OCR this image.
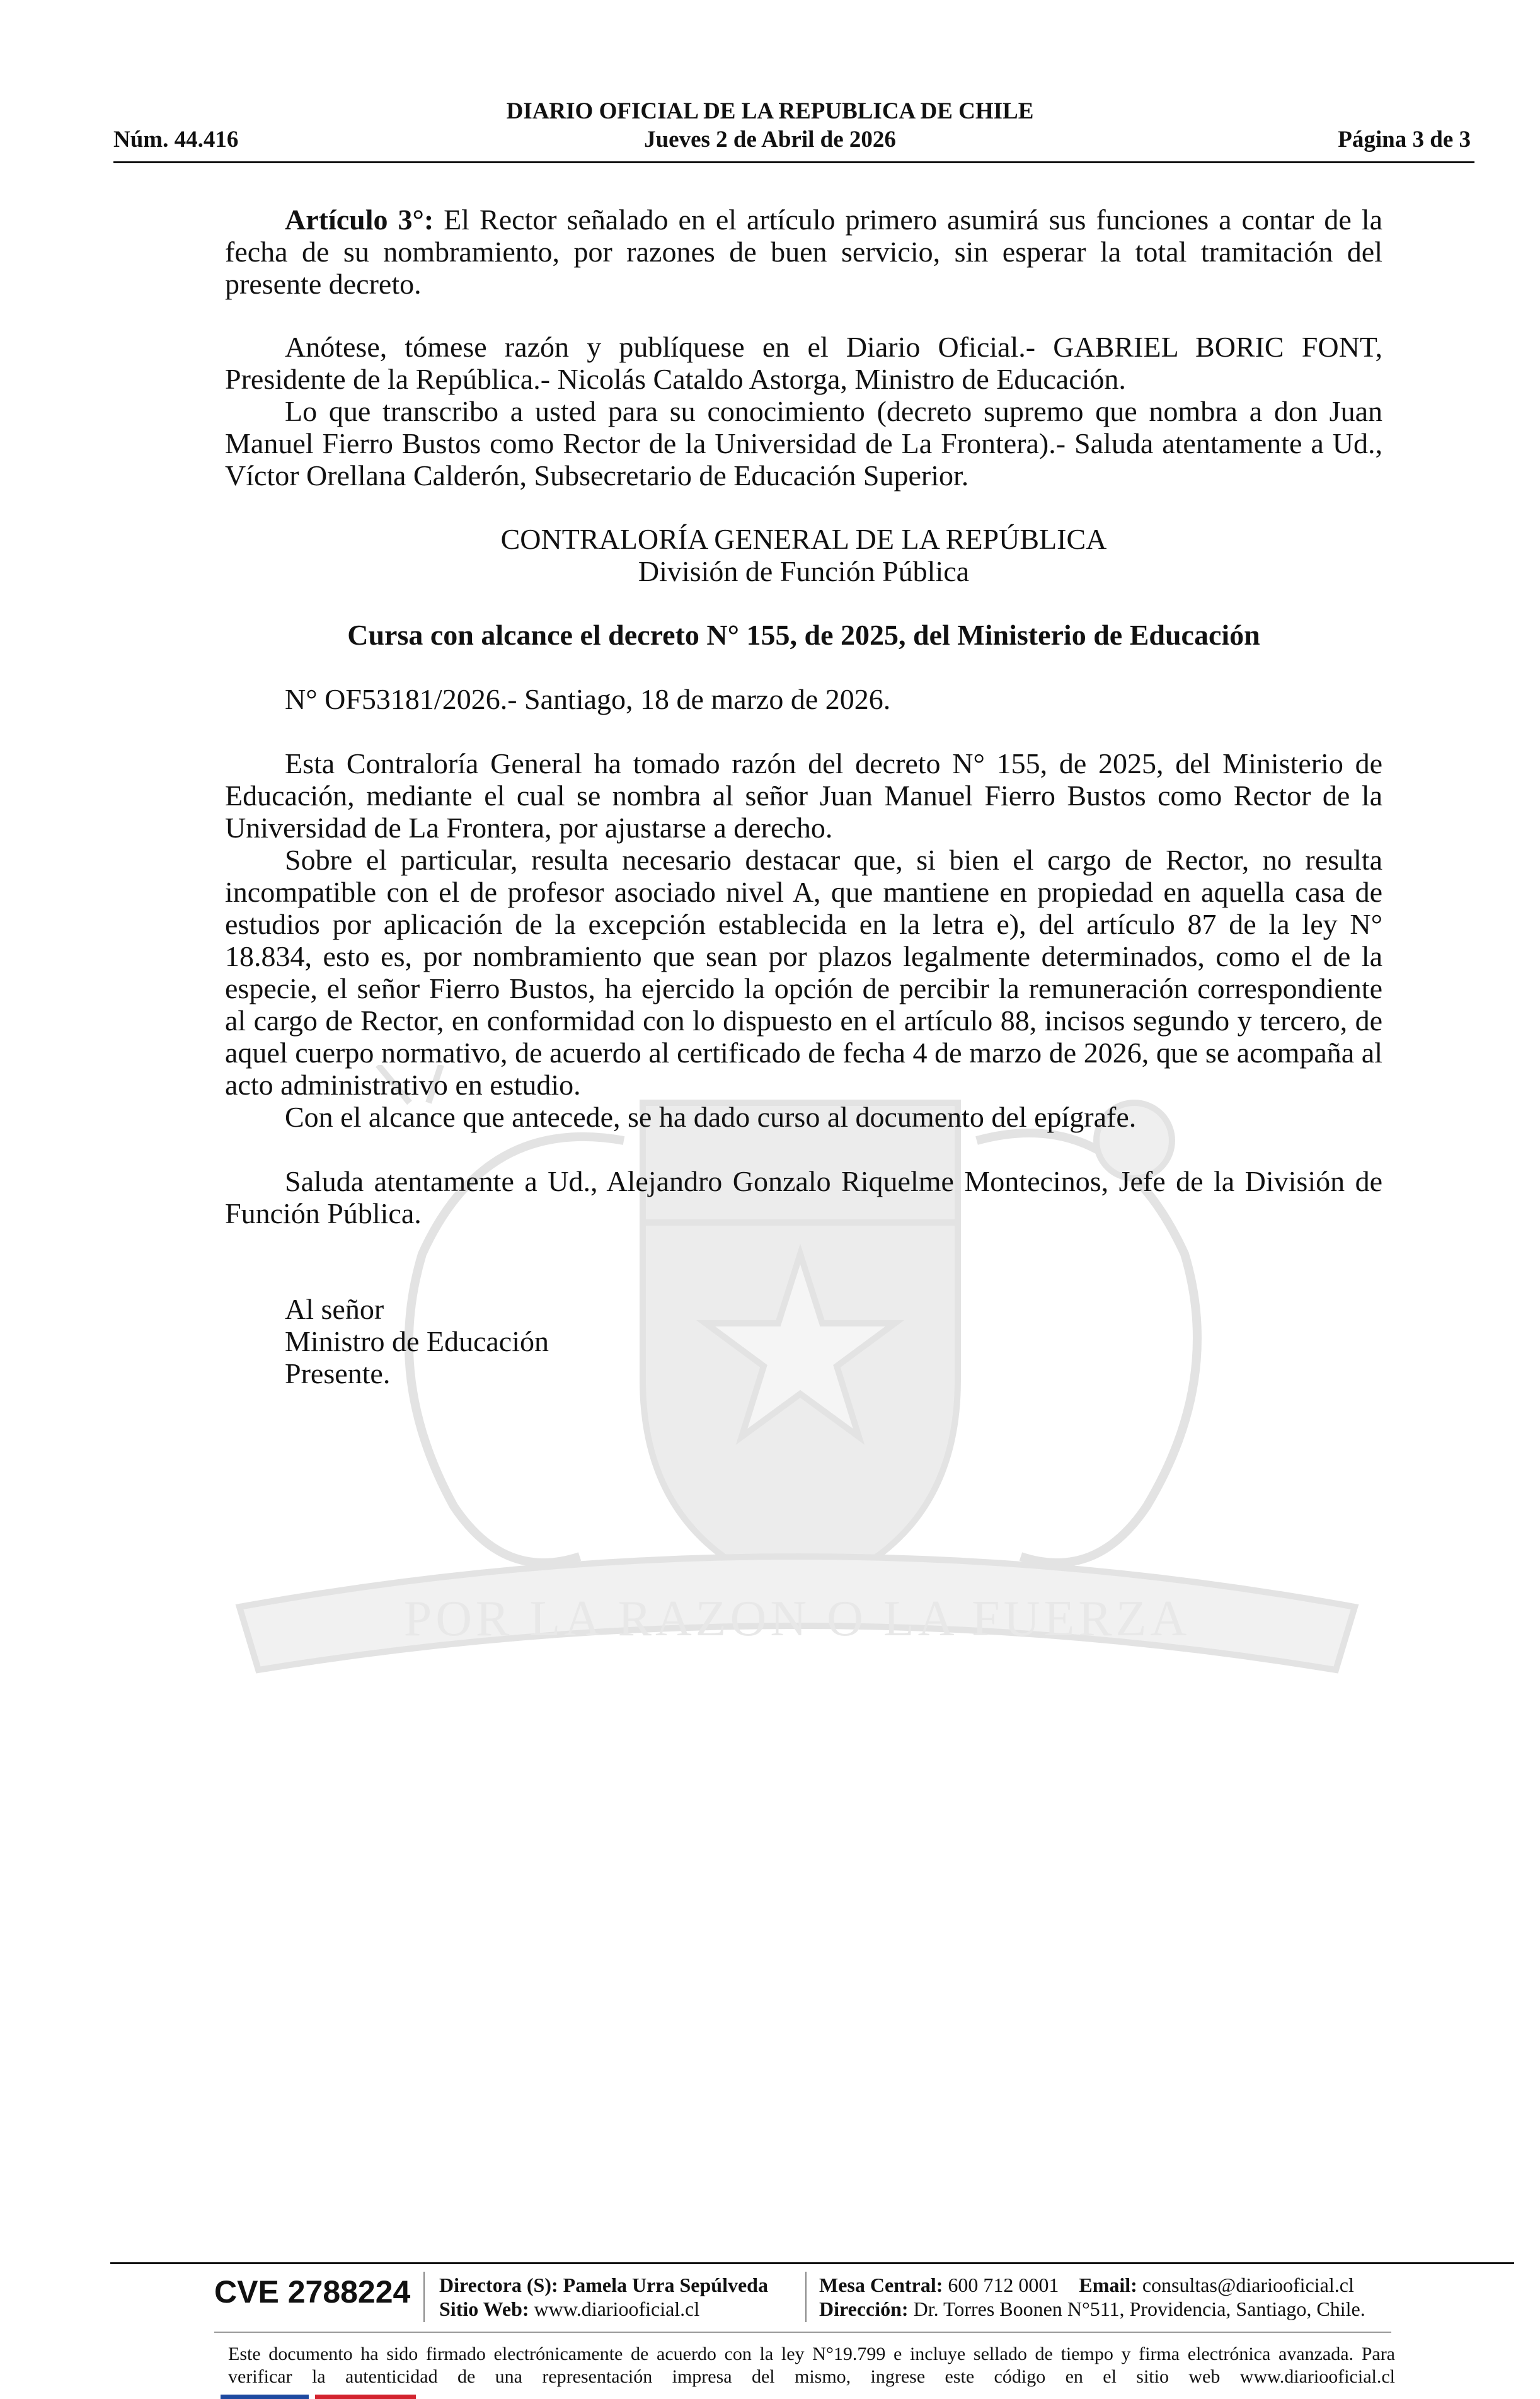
POR LA RAZON O LA FUERZA
DIARIO OFICIAL DE LA REPUBLICA DE CHILE
Núm. 44.416	Jueves 2 de Abril de 2026	Página 3 de 3
Artículo 3°: El Rector señalado en el artículo primero asumirá sus funciones a contar de la fecha de su nombramiento, por razones de buen servicio, sin esperar la total tramitación del presente decreto.
Anótese, tómese razón y publíquese en el Diario Oficial.- GABRIEL BORIC FONT, Presidente de la República.- Nicolás Cataldo Astorga, Ministro de Educación.
Lo que transcribo a usted para su conocimiento (decreto supremo que nombra a don Juan Manuel Fierro Bustos como Rector de la Universidad de La Frontera).- Saluda atentamente a Ud., Víctor Orellana Calderón, Subsecretario de Educación Superior.
CONTRALORÍA GENERAL DE LA REPÚBLICA
División de Función Pública
Cursa con alcance el decreto N° 155, de 2025, del Ministerio de Educación
N° OF53181/2026.- Santiago, 18 de marzo de 2026.
Esta Contraloría General ha tomado razón del decreto N° 155, de 2025, del Ministerio de Educación, mediante el cual se nombra al señor Juan Manuel Fierro Bustos como Rector de la Universidad de La Frontera, por ajustarse a derecho.
Sobre el particular, resulta necesario destacar que, si bien el cargo de Rector, no resulta incompatible con el de profesor asociado nivel A, que mantiene en propiedad en aquella casa de estudios por aplicación de la excepción establecida en la letra e), del artículo 87 de la ley N° 18.834, esto es, por nombramiento que sean por plazos legalmente determinados, como el de la especie, el señor Fierro Bustos, ha ejercido la opción de percibir la remuneración correspondiente al cargo de Rector, en conformidad con lo dispuesto en el artículo 88, incisos segundo y tercero, de aquel cuerpo normativo, de acuerdo al certificado de fecha 4 de marzo de 2026, que se acompaña al acto administrativo en estudio.
Con el alcance que antecede, se ha dado curso al documento del epígrafe.
Saluda atentamente a Ud., Alejandro Gonzalo Riquelme Montecinos, Jefe de la División de Función Pública.
Al señor
Ministro de Educación
Presente.
CVE 2788224 Directora (S): Pamela Urra Sepúlveda
Sitio Web: www.diariooficial.cl
Mesa Central: 600 712 0001 Email: consultas@diariooficial.cl
Dirección: Dr. Torres Boonen N°511, Providencia, Santiago, Chile.
Este documento ha sido firmado electrónicamente de acuerdo con la ley N°19.799 e incluye sellado de tiempo y firma electrónica avanzada. Para verificar la autenticidad de una representación impresa del mismo, ingrese este código en el sitio web www.diariooficial.cl
